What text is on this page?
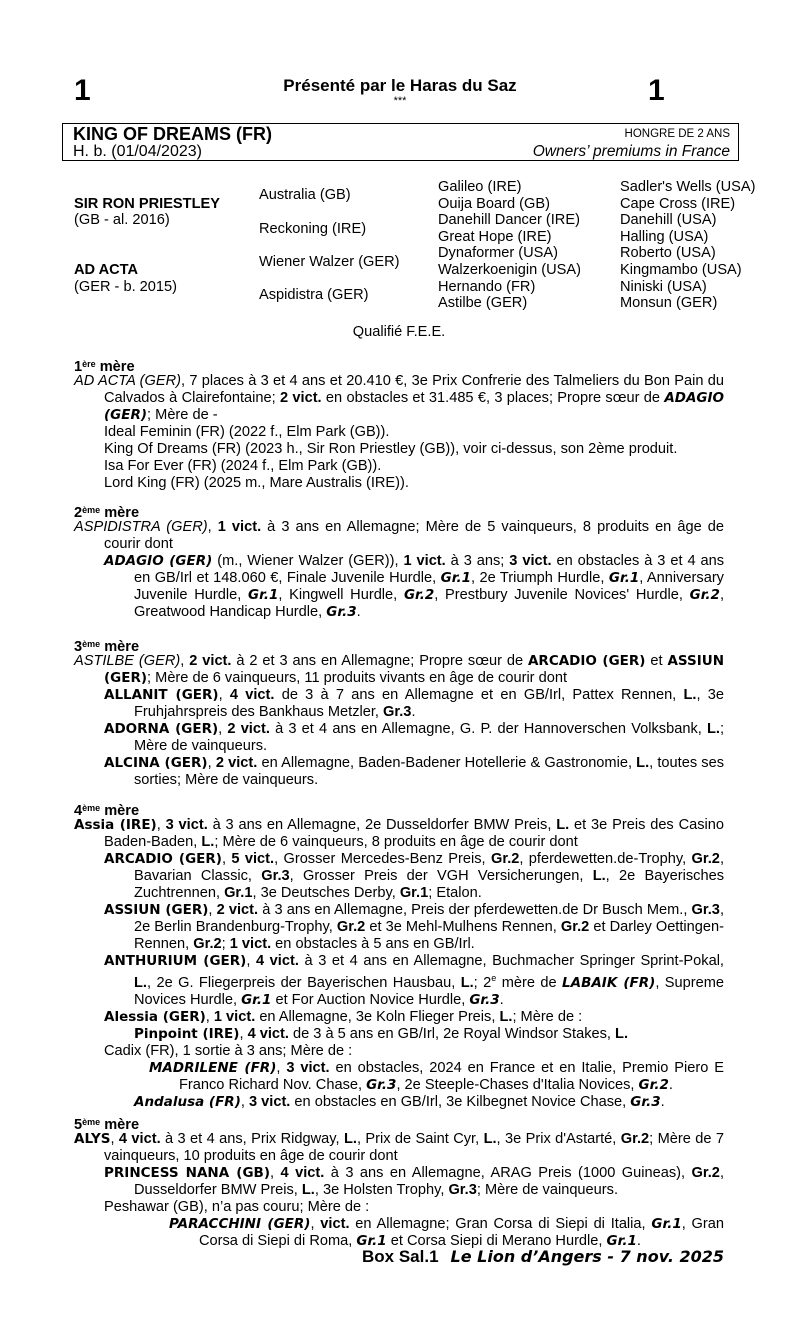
1	Présenté par le Haras du Saz
***	1
KING OF DREAMS (FR)
H. b. (01/04/2023)
HONGRE DE 2 ANS
Owners’ premiums in France
SIR RON PRIESTLEY
(GB - al. 2016)
AD ACTA
(GER - b. 2015)
Australia (GB)
Reckoning (IRE)
Wiener Walzer (GER)
Aspidistra (GER)
Galileo (IRE)
Ouija Board (GB)
Danehill Dancer (IRE)
Great Hope (IRE)
Dynaformer (USA)
Walzerkoenigin (USA)
Hernando (FR)
Astilbe (GER)
Sadler's Wells (USA)
Cape Cross (IRE)
Danehill (USA)
Halling (USA)
Roberto (USA)
Kingmambo (USA)
Niniski (USA)
Monsun (GER)
Qualifié F.E.E.
1ère mère
AD ACTA (GER), 7 places à 3 et 4 ans et 20.410 €, 3e Prix Confrerie des Talmeliers du Bon Pain du Calvados à Clairefontaine; 2 vict. en obstacles et 31.485 €, 3 places; Propre sœur de ADAGIO (GER); Mère de -
Ideal Feminin (FR) (2022 f., Elm Park (GB)).
King Of Dreams (FR) (2023 h., Sir Ron Priestley (GB)), voir ci-dessus, son 2ème produit.
Isa For Ever (FR) (2024 f., Elm Park (GB)).
Lord King (FR) (2025 m., Mare Australis (IRE)).
2ème mère
ASPIDISTRA (GER), 1 vict. à 3 ans en Allemagne; Mère de 5 vainqueurs, 8 produits en âge de courir dont
ADAGIO (GER) (m., Wiener Walzer (GER)), 1 vict. à 3 ans; 3 vict. en obstacles à 3 et 4 ans en GB/Irl et 148.060 €, Finale Juvenile Hurdle, Gr.1, 2e Triumph Hurdle, Gr.1, Anniversary Juvenile Hurdle, Gr.1, Kingwell Hurdle, Gr.2, Prestbury Juvenile Novices' Hurdle, Gr.2, Greatwood Handicap Hurdle, Gr.3.
3ème mère
ASTILBE (GER), 2 vict. à 2 et 3 ans en Allemagne; Propre sœur de ARCADIO (GER) et ASSIUN (GER); Mère de 6 vainqueurs, 11 produits vivants en âge de courir dont
ALLANIT (GER), 4 vict. de 3 à 7 ans en Allemagne et en GB/Irl, Pattex Rennen, L., 3e Fruhjahrspreis des Bankhaus Metzler, Gr.3.
ADORNA (GER), 2 vict. à 3 et 4 ans en Allemagne, G. P. der Hannoverschen Volksbank, L.; Mère de vainqueurs.
ALCINA (GER), 2 vict. en Allemagne, Baden-Badener Hotellerie & Gastronomie, L., toutes ses sorties; Mère de vainqueurs.
4ème mère
Assia (IRE), 3 vict. à 3 ans en Allemagne, 2e Dusseldorfer BMW Preis, L. et 3e Preis des Casino Baden-Baden, L.; Mère de 6 vainqueurs, 8 produits en âge de courir dont
ARCADIO (GER), 5 vict., Grosser Mercedes-Benz Preis, Gr.2, pferdewetten.de-Trophy, Gr.2, Bavarian Classic, Gr.3, Grosser Preis der VGH Versicherungen, L., 2e Bayerisches Zuchtrennen, Gr.1, 3e Deutsches Derby, Gr.1; Etalon.
ASSIUN (GER), 2 vict. à 3 ans en Allemagne, Preis der pferdewetten.de Dr Busch Mem., Gr.3, 2e Berlin Brandenburg-Trophy, Gr.2 et 3e Mehl-Mulhens Rennen, Gr.2 et Darley Oettingen-Rennen, Gr.2; 1 vict. en obstacles à 5 ans en GB/Irl.
ANTHURIUM (GER), 4 vict. à 3 et 4 ans en Allemagne, Buchmacher Springer Sprint-Pokal, L., 2e G. Fliegerpreis der Bayerischen Hausbau, L.; 2e mère de LABAIK (FR), Supreme Novices Hurdle, Gr.1 et For Auction Novice Hurdle, Gr.3.
Alessia (GER), 1 vict. en Allemagne, 3e Koln Flieger Preis, L.; Mère de :
Pinpoint (IRE), 4 vict. de 3 à 5 ans en GB/Irl, 2e Royal Windsor Stakes, L.
Cadix (FR), 1 sortie à 3 ans; Mère de :
MADRILENE (FR), 3 vict. en obstacles, 2024 en France et en Italie, Premio Piero E Franco Richard Nov. Chase, Gr.3, 2e Steeple-Chases d'Italia Novices, Gr.2.
Andalusa (FR), 3 vict. en obstacles en GB/Irl, 3e Kilbegnet Novice Chase, Gr.3.
5ème mère
ALYS, 4 vict. à 3 et 4 ans, Prix Ridgway, L., Prix de Saint Cyr, L., 3e Prix d'Astarté, Gr.2; Mère de 7 vainqueurs, 10 produits en âge de courir dont
PRINCESS NANA (GB), 4 vict. à 3 ans en Allemagne, ARAG Preis (1000 Guineas), Gr.2, Dusseldorfer BMW Preis, L., 3e Holsten Trophy, Gr.3; Mère de vainqueurs.
Peshawar (GB), n’a pas couru; Mère de :
PARACCHINI (GER), vict. en Allemagne; Gran Corsa di Siepi di Italia, Gr.1, Gran Corsa di Siepi di Roma, Gr.1 et Corsa Siepi di Merano Hurdle, Gr.1.
Box Sal.1 Le Lion d’Angers - 7 nov. 2025
